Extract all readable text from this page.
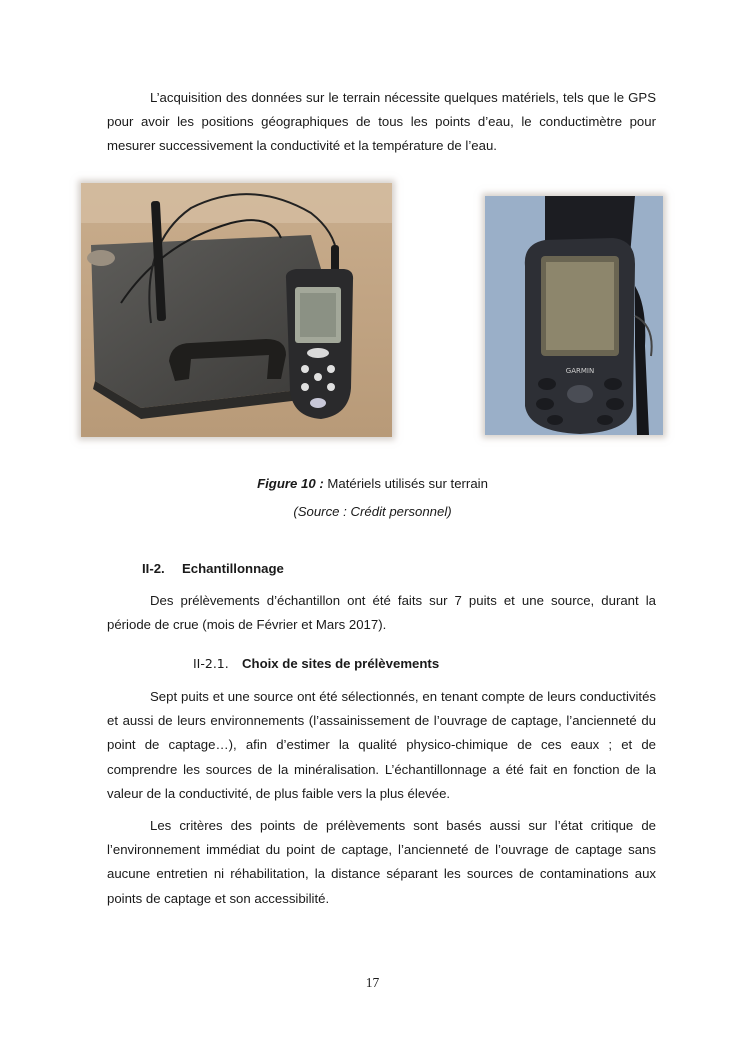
L’acquisition des données sur le terrain nécessite quelques matériels, tels que le GPS pour avoir les positions géographiques de tous les points d’eau, le conductimètre pour mesurer successivement la conductivité et la température de l’eau.

GARMIN
Figure 10 : Matériels utilisés sur terrain
(Source : Crédit personnel)
II-2. Echantillonnage

Des prélèvements d’échantillon ont été faits sur 7 puits et une source, durant la période de crue (mois de Février et Mars 2017).

II-2.1. Choix de sites de prélèvements

Sept puits et une source ont été sélectionnés, en tenant compte de leurs conductivités et aussi de leurs environnements (l’assainissement de l’ouvrage de captage, l’ancienneté du point de captage…), afin d’estimer la qualité physico-chimique de ces eaux ; et de comprendre les sources de la minéralisation. L’échantillonnage a été fait en fonction de la valeur de la conductivité, de plus faible vers la plus élevée.

Les critères des points de prélèvements sont basés aussi sur l’état critique de l’environnement immédiat du point de captage, l’ancienneté de l’ouvrage de captage sans aucune entretien ni réhabilitation, la distance séparant les sources de contaminations aux points de captage et son accessibilité.

17
